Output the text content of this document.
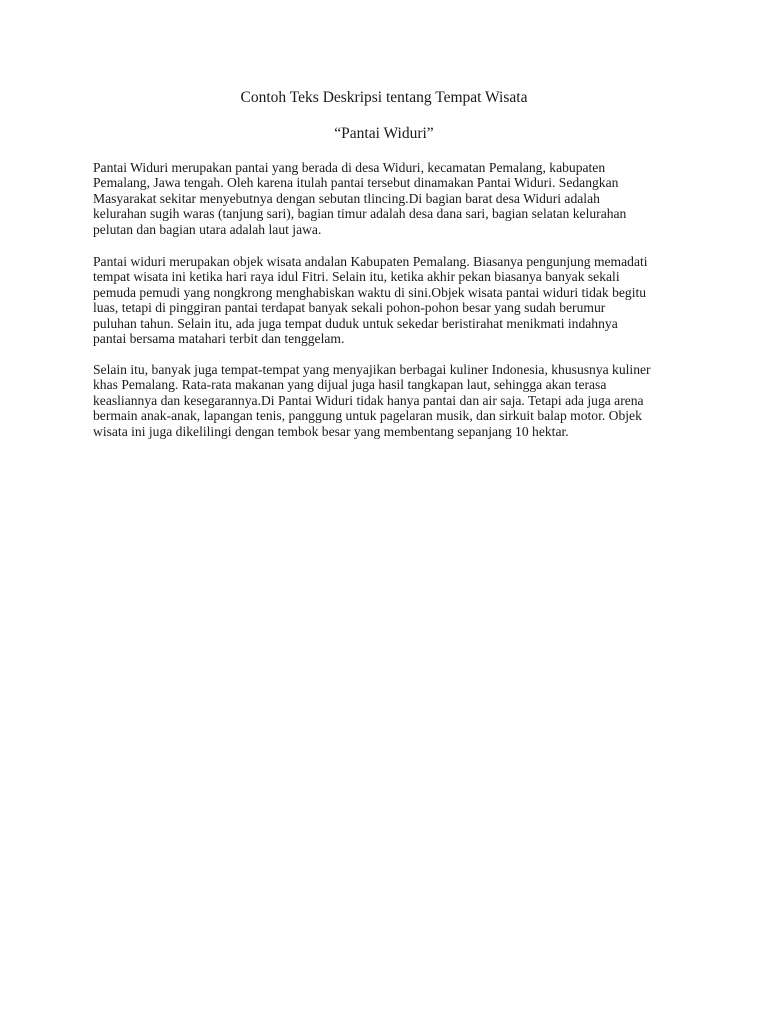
Contoh Teks Deskripsi tentang Tempat Wisata
“Pantai Widuri”

Pantai Widuri merupakan pantai yang berada di desa Widuri, kecamatan Pemalang, kabupaten
Pemalang, Jawa tengah. Oleh karena itulah pantai tersebut dinamakan Pantai Widuri. Sedangkan
Masyarakat sekitar menyebutnya dengan sebutan tlincing.Di bagian barat desa Widuri adalah
kelurahan sugih waras (tanjung sari), bagian timur adalah desa dana sari, bagian selatan kelurahan
pelutan dan bagian utara adalah laut jawa.

Pantai widuri merupakan objek wisata andalan Kabupaten Pemalang. Biasanya pengunjung memadati
tempat wisata ini ketika hari raya idul Fitri. Selain itu, ketika akhir pekan biasanya banyak sekali
pemuda pemudi yang nongkrong menghabiskan waktu di sini.Objek wisata pantai widuri tidak begitu
luas, tetapi di pinggiran pantai terdapat banyak sekali pohon-pohon besar yang sudah berumur
puluhan tahun. Selain itu, ada juga tempat duduk untuk sekedar beristirahat menikmati indahnya
pantai bersama matahari terbit dan tenggelam.

Selain itu, banyak juga tempat-tempat yang menyajikan berbagai kuliner Indonesia, khususnya kuliner
khas Pemalang. Rata-rata makanan yang dijual juga hasil tangkapan laut, sehingga akan terasa
keasliannya dan kesegarannya.Di Pantai Widuri tidak hanya pantai dan air saja. Tetapi ada juga arena
bermain anak-anak, lapangan tenis, panggung untuk pagelaran musik, dan sirkuit balap motor. Objek
wisata ini juga dikelilingi dengan tembok besar yang membentang sepanjang 10 hektar.
